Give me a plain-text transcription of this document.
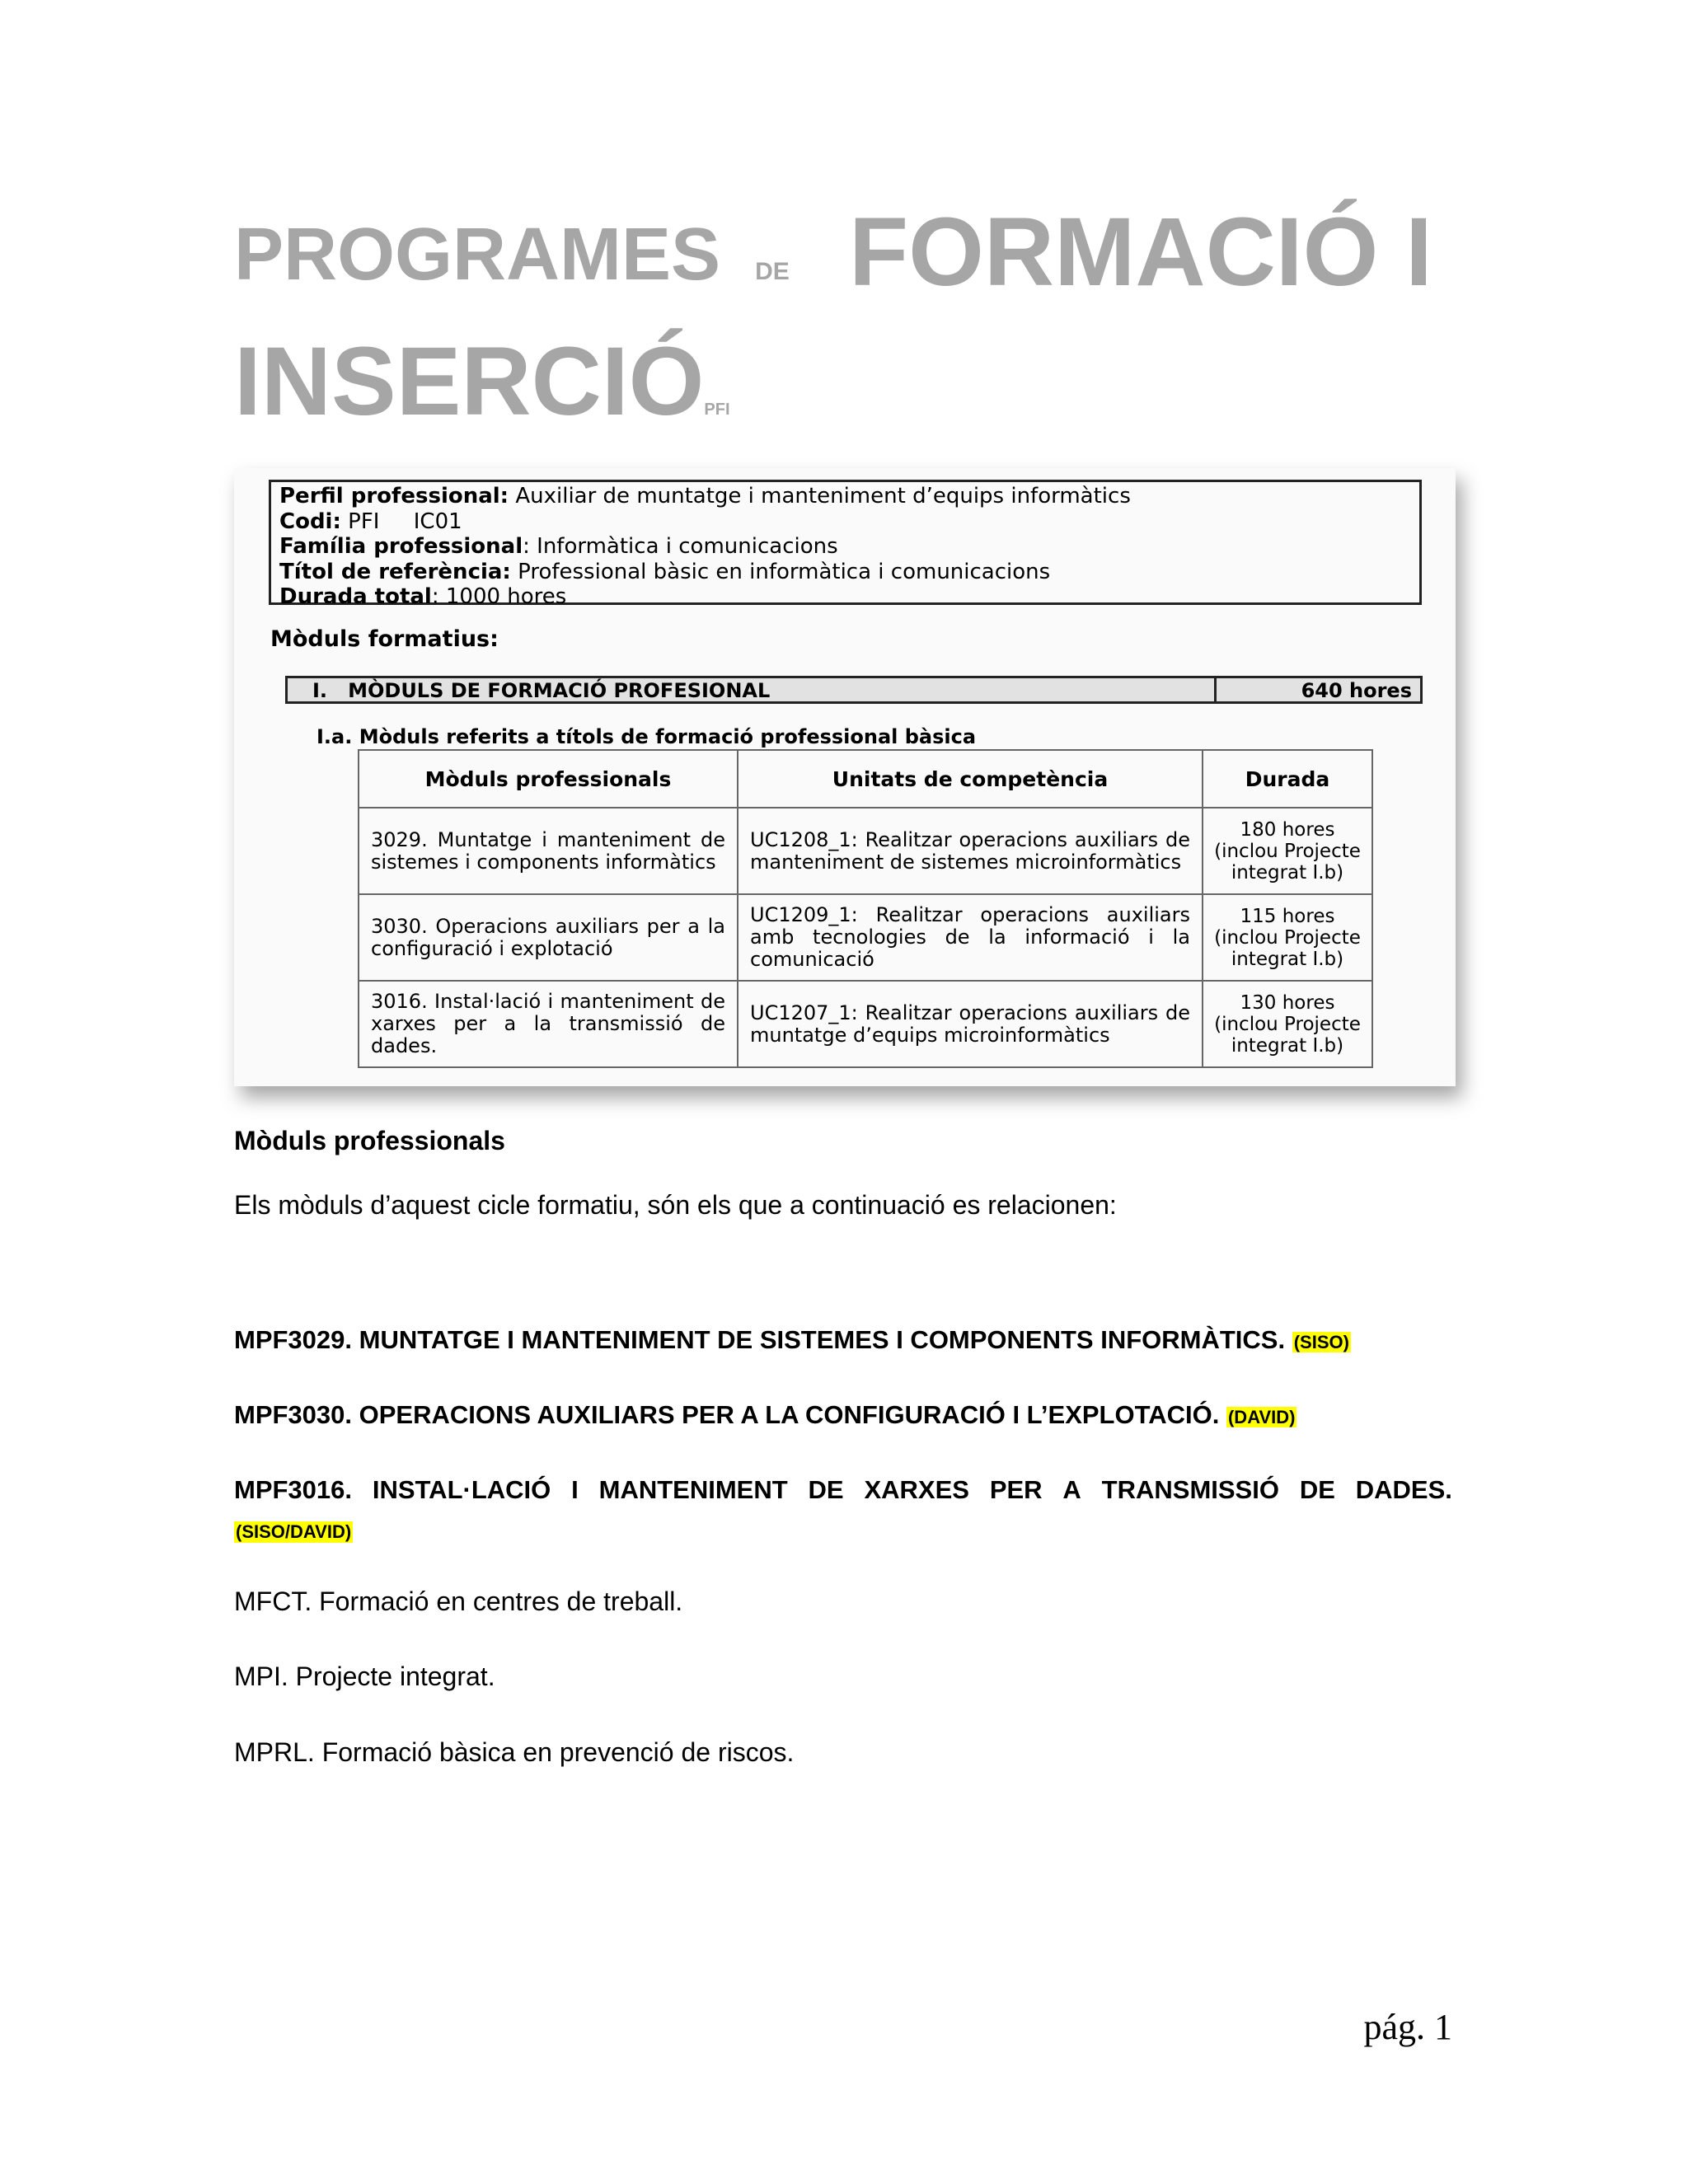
PROGRAMES DE FORMACIÓ I
INSERCIÓPFI
Perfil professional: Auxiliar de muntatge i manteniment d’equips informàtics
Codi: PFI     IC01
Família professional: Informàtica i comunicacions
Títol de referència: Professional bàsic en informàtica i comunicacions
Durada total: 1000 hores
Mòduls formatius:
I.   MÒDULS DE FORMACIÓ PROFESIONAL	640 hores
I.a. Mòduls referits a títols de formació professional bàsica
Mòduls professionals	Unitats de competència	Durada
3029. Muntatge i manteniment de sistemes i components informàtics	UC1208_1: Realitzar operacions auxiliars de manteniment de sistemes microinformàtics	180 hores (inclou Projecte integrat I.b)
3030. Operacions auxiliars per a la configuració i explotació	UC1209_1: Realitzar operacions auxiliars amb tecnologies de la informació i la comunicació	115 hores (inclou Projecte integrat I.b)
3016. Instal·lació i manteniment de xarxes per a la transmissió de dades.	UC1207_1: Realitzar operacions auxiliars de muntatge d’equips microinformàtics	130 hores (inclou Projecte integrat I.b)
Mòduls professionals
Els mòduls d’aquest cicle formatiu, són els que a continuació es relacionen:
MPF3029. MUNTATGE I MANTENIMENT DE SISTEMES I COMPONENTS INFORMÀTICS. (SISO)
MPF3030. OPERACIONS AUXILIARS PER A LA CONFIGURACIÓ I L’EXPLOTACIÓ. (DAVID)
MPF3016. INSTAL·LACIÓ I MANTENIMENT DE XARXES PER A TRANSMISSIÓ DE DADES.
(SISO/DAVID)
MFCT. Formació en centres de treball.
MPI. Projecte integrat.
MPRL. Formació bàsica en prevenció de riscos.
pág. 1
